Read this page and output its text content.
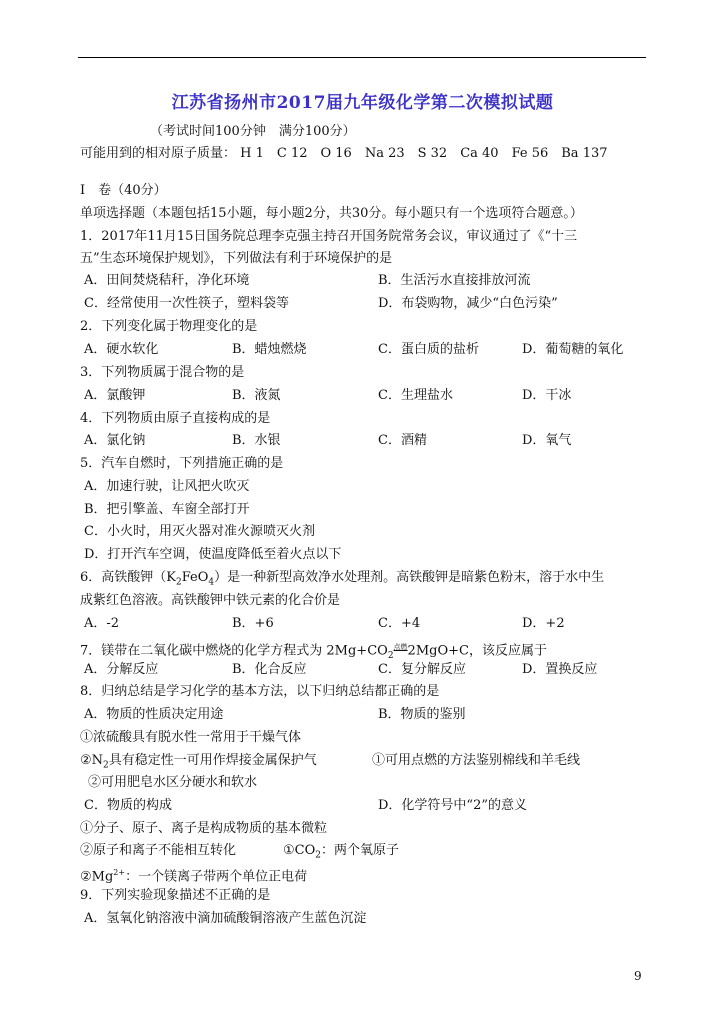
江苏省扬州市2017届九年级化学第二次模拟试题
（考试时间100分钟　满分100分）
可能用到的相对原子质量： H 1　C 12　O 16　Na 23　S 32　Ca 40　Fe 56　Ba 137
Ⅰ　卷（40分）
单项选择题（本题包括15小题，每小题2分，共30分。每小题只有一个选项符合题意。）
1．2017年11月15日国务院总理李克强主持召开国务院常务会议，审议通过了《“十三
五”生态环境保护规划》，下列做法有利于环境保护的是
A．田间焚烧秸秆，净化环境	B．生活污水直接排放河流
C．经常使用一次性筷子，塑料袋等	D．布袋购物，减少“白色污染”
2．下列变化属于物理变化的是
A．硬水软化	B．蜡烛燃烧	C．蛋白质的盐析	D．葡萄糖的氧化
3．下列物质属于混合物的是
A．氯酸钾	B．液氮	C．生理盐水	D．干冰
4．下列物质由原子直接构成的是
A．氯化钠	B．水银	C．酒精	D．氧气
5．汽车自燃时，下列措施正确的是
A．加速行驶，让风把火吹灭
B．把引擎盖、车窗全部打开
C．小火时，用灭火器对准火源喷灭火剂
D．打开汽车空调，使温度降低至着火点以下
6．高铁酸钾$(K_2FeO_4)$是一种新型高效净水处理剂。高铁酸钾是暗紫色粉末，溶于水中生
成紫红色溶液。高铁酸钾中铁元素的化合价是
A．-2	B．+6	C．+4	D．+2
7．镁带在二氧化碳中燃烧的化学方程式为 $2Mg+CO_2^{点燃}2MgO+C$，该反应属于
A．分解反应	B．化合反应	C．复分解反应	D．置换反应
8．归纳总结是学习化学的基本方法，以下归纳总结都正确的是
A．物质的性质决定用途	B．物质的鉴别
①浓硫酸具有脱水性一常用于干燥气体
$②N_2$具有稳定性一可用作焊接金属保护气	①可用点燃的方法鉴别棉线和羊毛线
②可用肥皂水区分硬水和软水
C．物质的构成	D．化学符号中“2”的意义
①分子、原子、离子是构成物质的基本微粒
②原子和离子不能相互转化	$①CO_2$：两个氧原子
$②Mg^{2+}$：一个镁离子带两个单位正电荷
9．下列实验现象描述不正确的是
A．氢氧化钠溶液中滴加硫酸铜溶液产生蓝色沉淀
9
